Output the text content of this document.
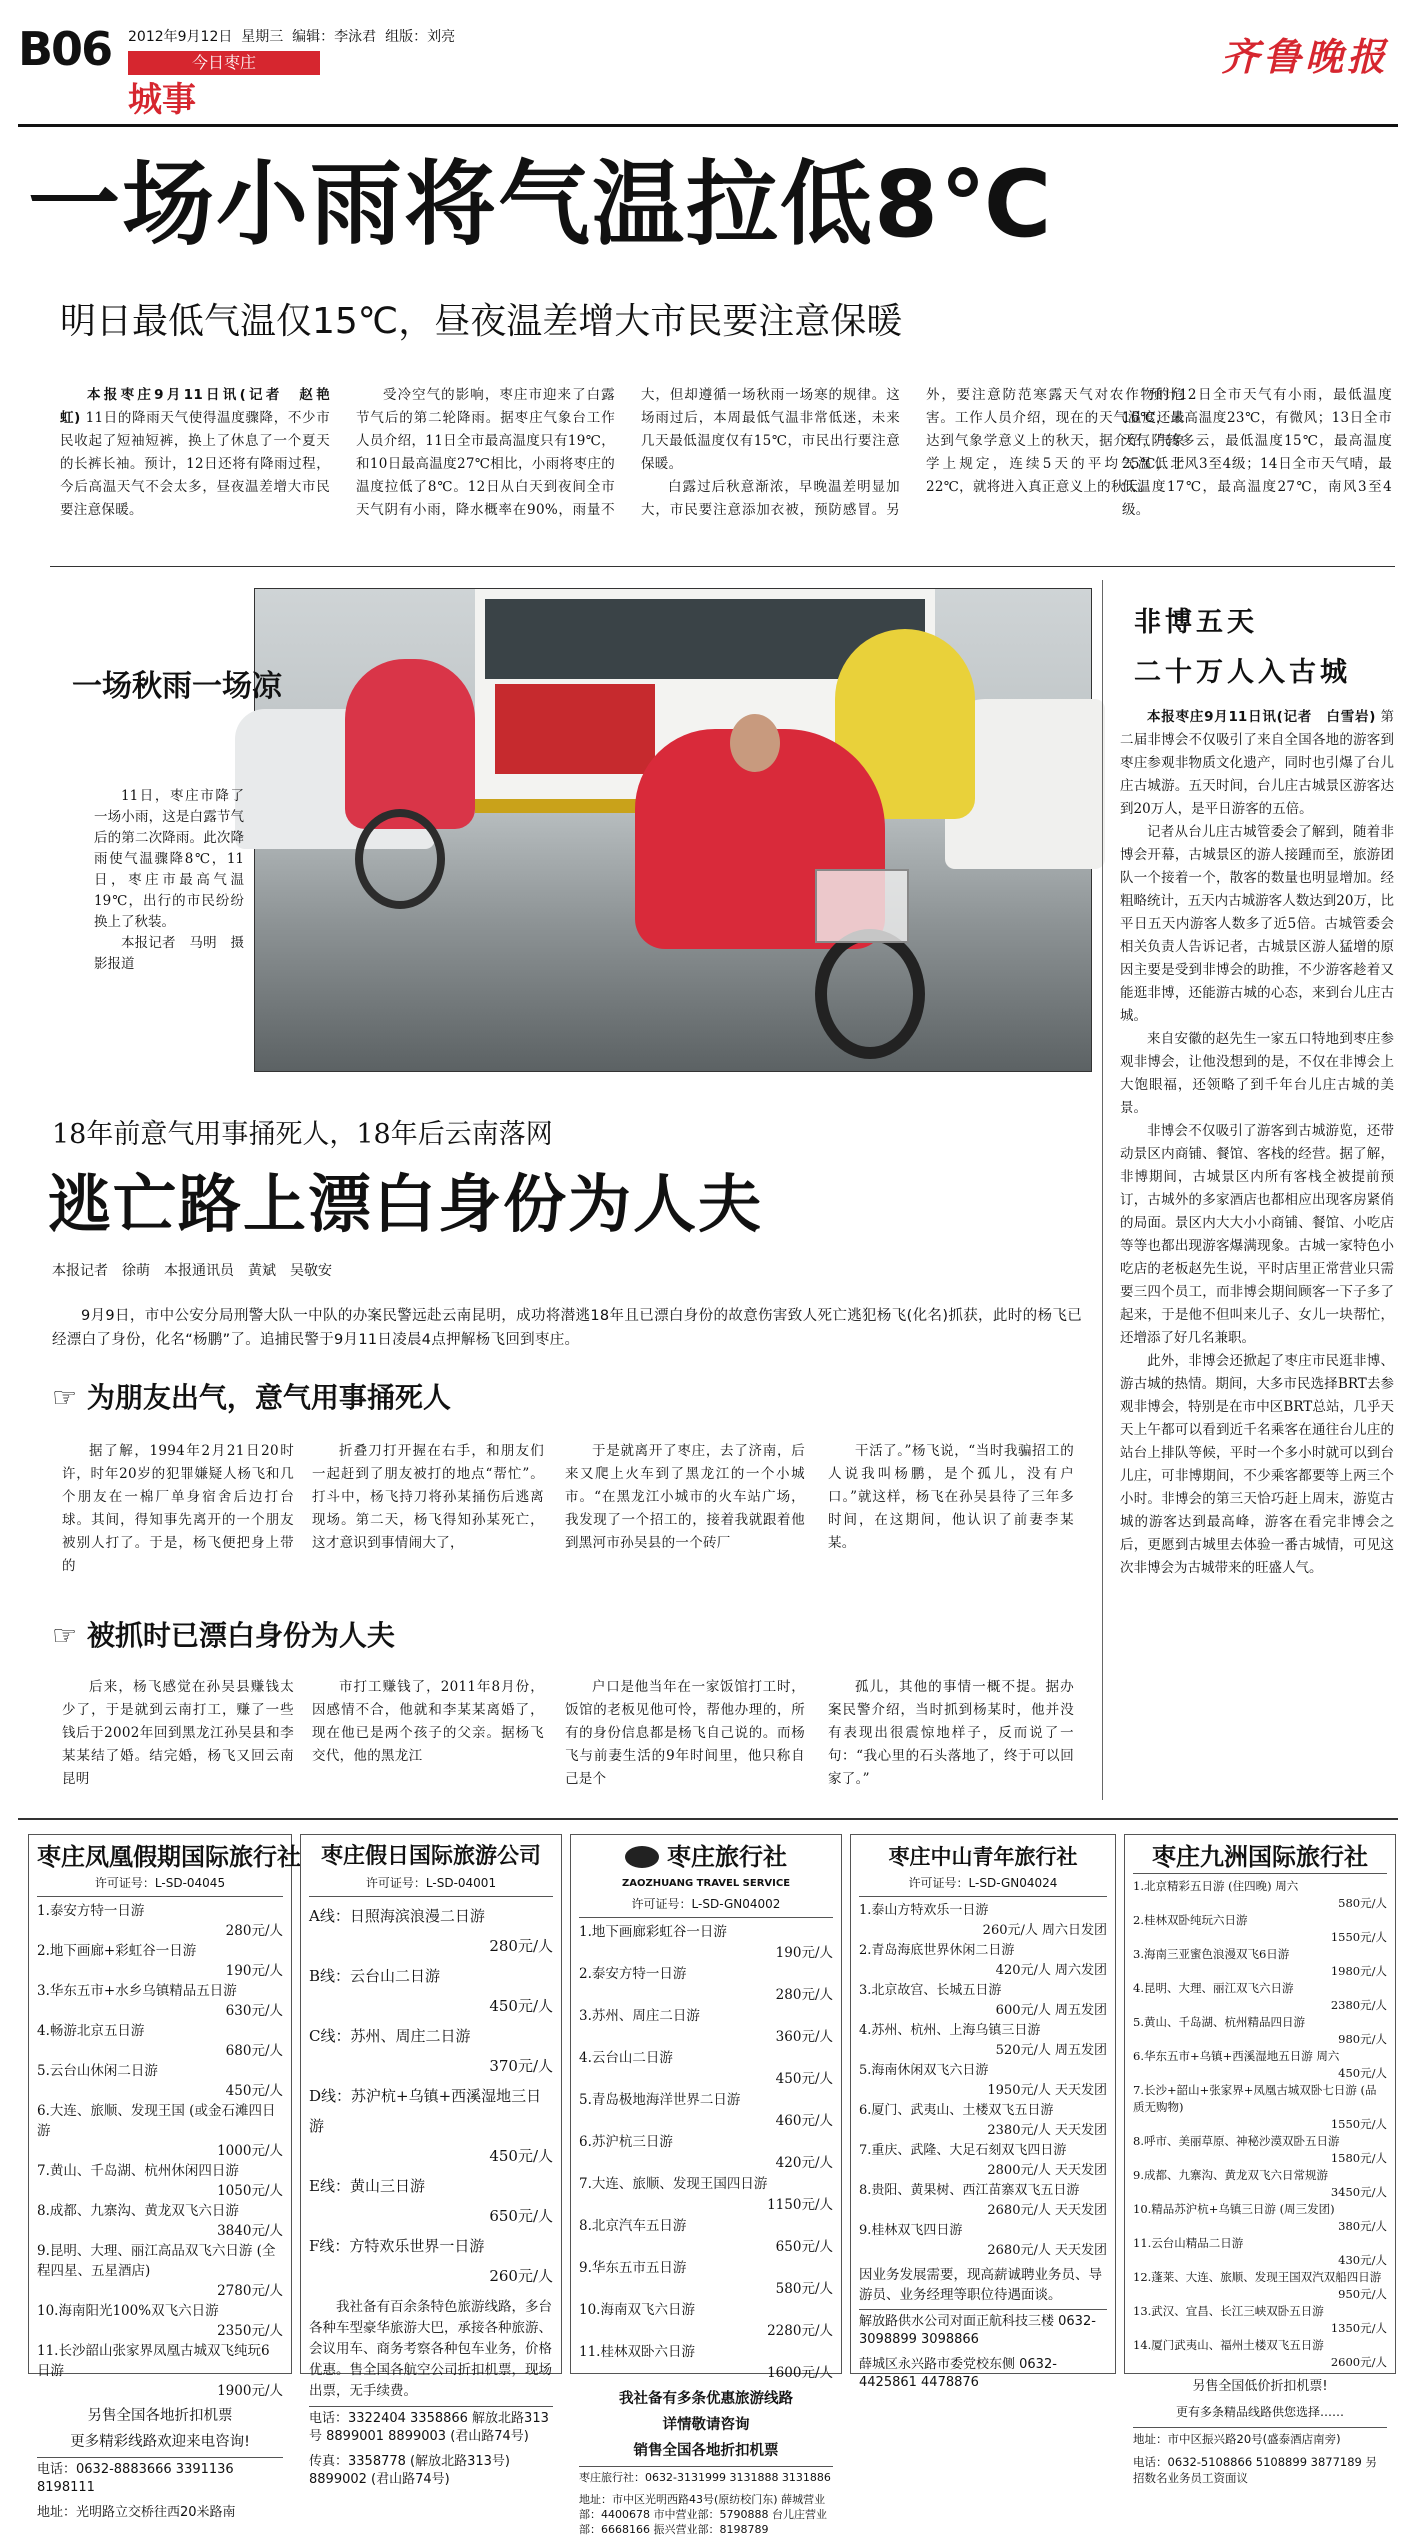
B06 2012年9月12日 星期三 编辑：李泳君 组版：刘亮
今日枣庄
城事
齐鲁晚报
一场小雨将气温拉低8℃
明日最低气温仅15℃，昼夜温差增大市民要注意保暖

本报枣庄9月11日讯(记者　赵艳虹) 11日的降雨天气使得温度骤降，不少市民收起了短袖短裤，换上了休息了一个夏天的长裤长袖。预计，12日还将有降雨过程，今后高温天气不会太多，昼夜温差增大市民要注意保暖。

受冷空气的影响，枣庄市迎来了白露节气后的第二轮降雨。据枣庄气象台工作人员介绍，11日全市最高温度只有19℃，和10日最高温度27℃相比，小雨将枣庄的温度拉低了8℃。12日从白天到夜间全市天气阴有小雨，降水概率在90%，雨量不大，但却遵循一场秋雨一场寒的规律。这场雨过后，本周最低气温非常低迷，未来几天最低温度仅有15℃，市民出行要注意保暖。

白露过后秋意渐浓，早晚温差明显加大，市民要注意添加衣被，预防感冒。另外，要注意防范寒露天气对农作物的危害。工作人员介绍，现在的天气温度还未达到气象学意义上的秋天，据介绍，气象学上规定，连续5天的平均气温低于22℃，就将进入真正意义上的秋天。

预计12日全市天气有小雨，最低温度16℃，最高温度23℃，有微风；13日全市天气阴转多云，最低温度15℃，最高温度25℃，北风3至4级；14日全市天气晴，最低温度17℃，最高温度27℃，南风3至4级。

一场秋雨一场凉

11日，枣庄市降了一场小雨，这是白露节气后的第二次降雨。此次降雨使气温骤降8℃，11日，枣庄市最高气温19℃，出行的市民纷纷换上了秋装。

本报记者　马明　摄影报道

非博五天
二十万人入古城

本报枣庄9月11日讯(记者　白雪岩) 第二届非博会不仅吸引了来自全国各地的游客到枣庄参观非物质文化遗产，同时也引爆了台儿庄古城游。五天时间，台儿庄古城景区游客达到20万人，是平日游客的五倍。

记者从台儿庄古城管委会了解到，随着非博会开幕，古城景区的游人接踵而至，旅游团队一个接着一个，散客的数量也明显增加。经粗略统计，五天内古城游客人数达到20万，比平日五天内游客人数多了近5倍。古城管委会相关负责人告诉记者，古城景区游人猛增的原因主要是受到非博会的助推，不少游客趁着又能逛非博，还能游古城的心态，来到台儿庄古城。

来自安徽的赵先生一家五口特地到枣庄参观非博会，让他没想到的是，不仅在非博会上大饱眼福，还领略了到千年台儿庄古城的美景。

非博会不仅吸引了游客到古城游览，还带动景区内商铺、餐馆、客栈的经营。据了解，非博期间，古城景区内所有客栈全被提前预订，古城外的多家酒店也都相应出现客房紧俏的局面。景区内大大小小商铺、餐馆、小吃店等等也都出现游客爆满现象。古城一家特色小吃店的老板赵先生说，平时店里正常营业只需要三四个员工，而非博会期间顾客一下子多了起来，于是他不但叫来儿子、女儿一块帮忙，还增添了好几名兼职。

此外，非博会还掀起了枣庄市民逛非博、游古城的热情。期间，大多市民选择BRT去参观非博会，特别是在市中区BRT总站，几乎天天上午都可以看到近千名乘客在通往台儿庄的站台上排队等候，平时一个多小时就可以到台儿庄，可非博期间，不少乘客都要等上两三个小时。非博会的第三天恰巧赶上周末，游览古城的游客达到最高峰，游客在看完非博会之后，更愿到古城里去体验一番古城情，可见这次非博会为古城带来的旺盛人气。

18年前意气用事捅死人，18年后云南落网
逃亡路上漂白身份为人夫
本报记者　徐萌　本报通讯员　黄斌　吴敬安

9月9日，市中公安分局刑警大队一中队的办案民警远赴云南昆明，成功将潜逃18年且已漂白身份的故意伤害致人死亡逃犯杨飞(化名)抓获，此时的杨飞已经漂白了身份，化名“杨鹏”了。追捕民警于9月11日凌晨4点押解杨飞回到枣庄。

☞ 为朋友出气，意气用事捅死人

据了解，1994年2月21日20时许，时年20岁的犯罪嫌疑人杨飞和几个朋友在一棉厂单身宿舍后边打台球。其间，得知事先离开的一个朋友被别人打了。于是，杨飞便把身上带的

折叠刀打开握在右手，和朋友们一起赶到了朋友被打的地点“帮忙”。打斗中，杨飞持刀将孙某捅伤后逃离现场。第二天，杨飞得知孙某死亡，这才意识到事情闹大了，

于是就离开了枣庄，去了济南，后来又爬上火车到了黑龙江的一个小城市。“在黑龙江小城市的火车站广场，我发现了一个招工的，接着我就跟着他到黑河市孙吴县的一个砖厂

干活了。”杨飞说，“当时我骗招工的人说我叫杨鹏，是个孤儿，没有户口。”就这样，杨飞在孙吴县待了三年多时间，在这期间，他认识了前妻李某某。

☞ 被抓时已漂白身份为人夫

后来，杨飞感觉在孙吴县赚钱太少了，于是就到云南打工，赚了一些钱后于2002年回到黑龙江孙吴县和李某某结了婚。结完婚，杨飞又回云南昆明

市打工赚钱了，2011年8月份，因感情不合，他就和李某某离婚了，现在他已是两个孩子的父亲。据杨飞交代，他的黑龙江

户口是他当年在一家饭馆打工时，饭馆的老板见他可怜，帮他办理的，所有的身份信息都是杨飞自己说的。而杨飞与前妻生活的9年时间里，他只称自己是个

孤儿，其他的事情一概不提。据办案民警介绍，当时抓到杨某时，他并没有表现出很震惊地样子，反而说了一句：“我心里的石头落地了，终于可以回家了。”

枣庄凤凰假期国际旅行社
许可证号：L-SD-04045
1.泰安方特一日游
280元/人
2.地下画廊+彩虹谷一日游
190元/人
3.华东五市+水乡乌镇精品五日游
630元/人
4.畅游北京五日游
680元/人
5.云台山休闲二日游
450元/人
6.大连、旅顺、发现王国 (或金石滩四日游
1000元/人
7.黄山、千岛湖、杭州休闲四日游
1050元/人
8.成都、九寨沟、黄龙双飞六日游
3840元/人
9.昆明、大理、丽江高品双飞六日游 (全程四星、五星酒店)
2780元/人
10.海南阳光100%双飞六日游
2350元/人
11.长沙韶山张家界凤凰古城双飞纯玩6日游
1900元/人
另售全国各地折扣机票
更多精彩线路欢迎来电咨询!
电话：0632-8883666 3391136 8198111
地址：光明路立交桥往西20米路南
枣庄假日国际旅游公司
许可证号：L-SD-04001
A线：日照海滨浪漫二日游
280元/人
B线：云台山二日游
450元/人
C线：苏州、周庄二日游
370元/人
D线：苏沪杭+乌镇+西溪湿地三日游
450元/人
E线：黄山三日游
650元/人
F线：方特欢乐世界一日游
260元/人
我社备有百余条特色旅游线路，多台各种车型豪华旅游大巴，承接各种旅游、会议用车、商务考察各种包车业务，价格优惠。售全国各航空公司折扣机票，现场出票，无手续费。
电话：3322404 3358866 解放北路313号 8899001 8899003 (君山路74号)
传真：3358778 (解放北路313号) 8899002 (君山路74号)
枣庄旅行社
ZAOZHUANG TRAVEL SERVICE
许可证号：L-SD-GN04002
1.地下画廊彩虹谷一日游
190元/人
2.泰安方特一日游
280元/人
3.苏州、周庄二日游
360元/人
4.云台山二日游
450元/人
5.青岛极地海洋世界二日游
460元/人
6.苏沪杭三日游
420元/人
7.大连、旅顺、发现王国四日游
1150元/人
8.北京汽车五日游
650元/人
9.华东五市五日游
580元/人
10.海南双飞六日游
2280元/人
11.桂林双卧六日游
1600元/人
我社备有多条优惠旅游线路
详情敬请咨询
销售全国各地折扣机票
枣庄旅行社：0632-3131999 3131888 3131886
地址：市中区光明西路43号(原纺校门东) 薛城营业部：4400678 市中营业部：5790888 台儿庄营业部：6668166 振兴营业部：8198789
枣庄中山青年旅行社
许可证号：L-SD-GN04024
1.泰山方特欢乐一日游
260元/人 周六日发团
2.青岛海底世界休闲二日游
420元/人 周六发团
3.北京故宫、长城五日游
600元/人 周五发团
4.苏州、杭州、上海乌镇三日游
520元/人 周五发团
5.海南休闲双飞六日游
1950元/人 天天发团
6.厦门、武夷山、土楼双飞五日游
2380元/人 天天发团
7.重庆、武隆、大足石刻双飞四日游
2800元/人 天天发团
8.贵阳、黄果树、西江苗寨双飞五日游
2680元/人 天天发团
9.桂林双飞四日游
2680元/人 天天发团
因业务发展需要，现高薪诚聘业务员、导游员、业务经理等职位待遇面谈。
解放路供水公司对面正航科技三楼 0632-3098899 3098866
薛城区永兴路市委党校东侧 0632-4425861 4478876
枣庄九洲国际旅行社
1.北京精彩五日游 (住四晚) 周六
580元/人
2.桂林双卧纯玩六日游
1550元/人
3.海南三亚蜜色浪漫双飞6日游
1980元/人
4.昆明、大理、丽江双飞六日游
2380元/人
5.黄山、千岛湖、杭州精品四日游
980元/人
6.华东五市+乌镇+西溪湿地五日游 周六
450元/人
7.长沙+韶山+张家界+凤凰古城双卧七日游 (品质无购物)
1550元/人
8.呼市、美丽草原、神秘沙漠双卧五日游
1580元/人
9.成都、九寨沟、黄龙双飞六日常规游
3450元/人
10.精品苏沪杭+乌镇三日游 (周三发团)
380元/人
11.云台山精品二日游
430元/人
12.蓬莱、大连、旅顺、发现王国双汽双船四日游
950元/人
13.武汉、宜昌、长江三峡双卧五日游
1350元/人
14.厦门武夷山、福州土楼双飞五日游
2600元/人
另售全国低价折扣机票!
更有多条精品线路供您选择……
地址：市中区振兴路20号(盛泰酒店南旁)
电话：0632-5108866 5108899 3877189 另招数名业务员工资面议
